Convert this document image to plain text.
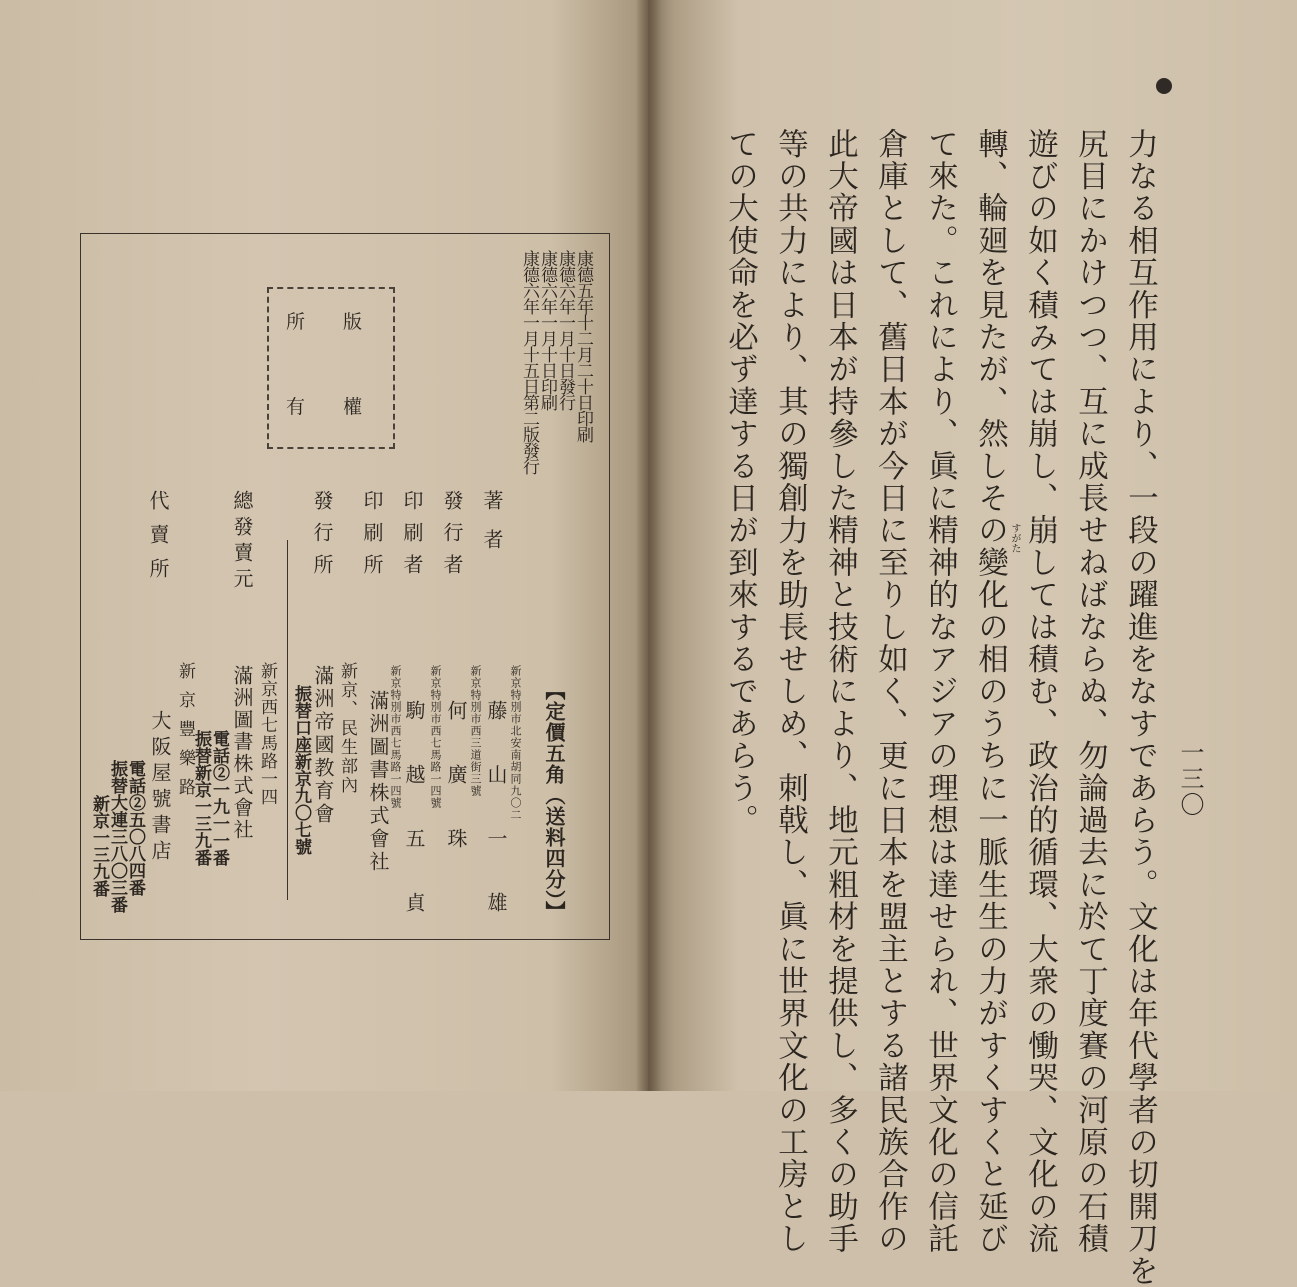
力なる相互作用により、一段の躍進をなすであらう。文化は年代學者の切開刀を
尻目にかけつつ、互に成長せねばならぬ、勿論過去に於て丁度賽の河原の石積
遊びの如く積みては崩し、崩しては積む、政治的循環、大衆の慟哭、文化の流
轉、輪廻を見たが、然しその變化の相のうちに一脈生生の力がすくすくと延び
て來た。これにより、眞に精神的なアジアの理想は達せられ、世界文化の信託
倉庫として、舊日本が今日に至りし如く、更に日本を盟主とする諸民族合作の
此大帝國は日本が持參した精神と技術により、地元粗材を提供し、多くの助手
等の共力により、其の獨創力を助長せしめ、刺戟し、眞に世界文化の工房とし
ての大使命を必ず達する日が到來するであらう。	すがた
一三〇
康德五年十二月二十日印刷
康德六年一月十日發行
康德六年一月十日印刷
康德六年一月十五日第二版發行
版
權
所
有
著者
發行者
印刷者
印刷所
發行所
總發賣元
代賣所
【定價五角（送料四分）】
新京特別市北安南胡同九〇二
藤山一雄
新京特別市西三道街三號
何廣珠
新京特別市西七馬路一四號
駒越五貞
新京特別市西七馬路一四號
滿洲圖書株式會社
新京、民生部內
滿洲帝國教育會
振替口座新京九〇七號
新京西七馬路一四
滿洲圖書株式會社
電話②一九一一番
振替新京一三九番
新京豐樂路
大阪屋號書店
電話②五〇八四番
振替大連三八〇三番
新京一三九番
